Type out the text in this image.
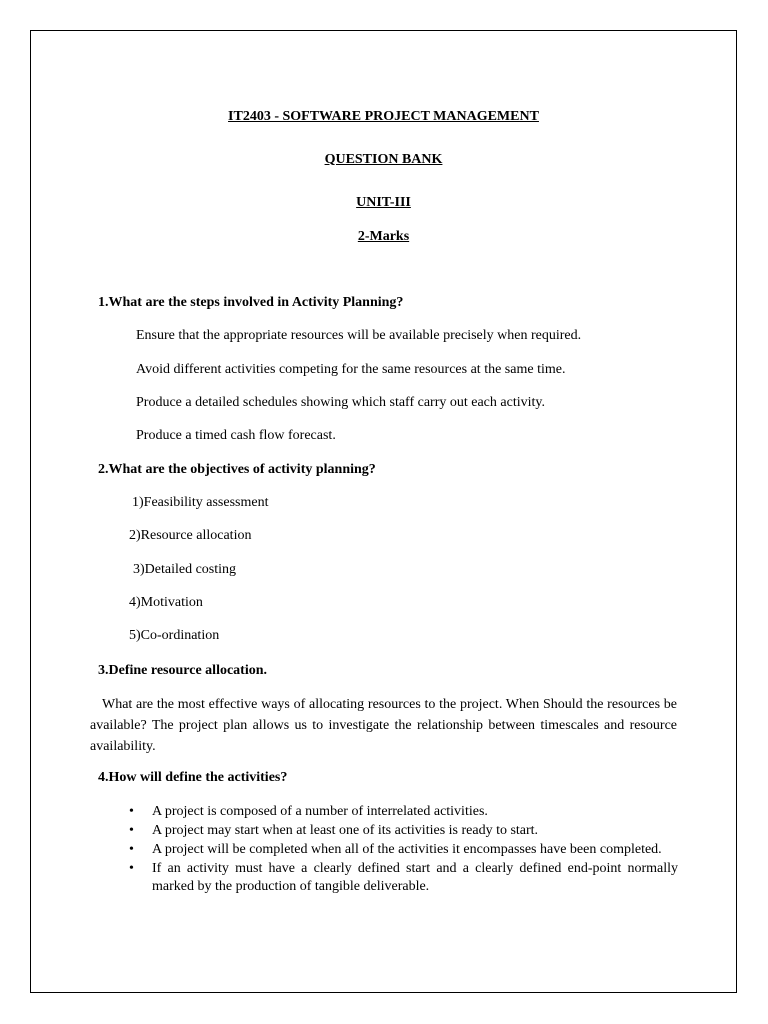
IT2403 - SOFTWARE PROJECT MANAGEMENT
QUESTION BANK
UNIT-III
2-Marks
1.What are the steps involved in Activity Planning?
Ensure that the appropriate resources will be available precisely when required.
Avoid different activities competing for the same resources at the same time.
Produce a detailed schedules showing which staff carry out each activity.
Produce a timed cash flow forecast.
2.What are the objectives of activity planning?
1)Feasibility assessment
2)Resource allocation
3)Detailed costing
4)Motivation
5)Co-ordination
3.Define resource allocation.
What are the most effective ways of allocating resources to the project. When Should the resources be available? The project plan allows us to investigate the relationship between timescales and resource availability.
4.How will define the activities?
• A project is composed of a number of interrelated activities.
• A project may start when at least one of its activities is ready to start.
• A project will be completed when all of the activities it encompasses have been completed.
• If an activity must have a clearly defined start and a clearly defined end-point normally marked by the production of tangible deliverable.
